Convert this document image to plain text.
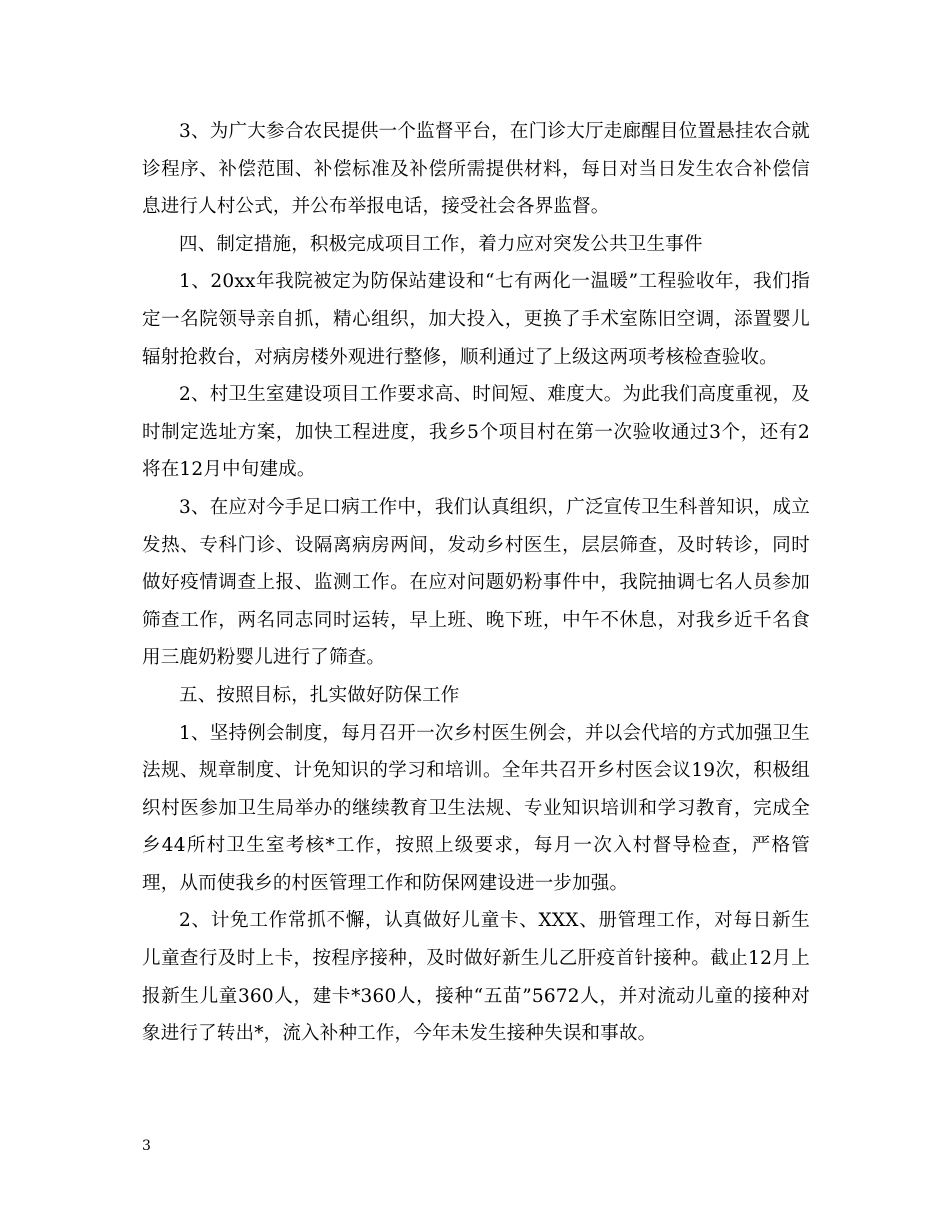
3、为广大参合农民提供一个监督平台，在门诊大厅走廊醒目位置悬挂农合就诊程序、补偿范围、补偿标准及补偿所需提供材料，每日对当日发生农合补偿信息进行人村公式，并公布举报电话，接受社会各界监督。

四、制定措施，积极完成项目工作，着力应对突发公共卫生事件

1、20xx年我院被定为防保站建设和“七有两化一温暖”工程验收年，我们指定一名院领导亲自抓，精心组织，加大投入，更换了手术室陈旧空调，添置婴儿辐射抢救台，对病房楼外观进行整修，顺利通过了上级这两项考核检查验收。

2、村卫生室建设项目工作要求高、时间短、难度大。为此我们高度重视，及时制定选址方案，加快工程进度，我乡5个项目村在第一次验收通过3个，还有2将在12月中旬建成。

3、在应对今手足口病工作中，我们认真组织，广泛宣传卫生科普知识，成立发热、专科门诊、设隔离病房两间，发动乡村医生，层层筛查，及时转诊，同时做好疫情调查上报、监测工作。在应对问题奶粉事件中，我院抽调七名人员参加筛查工作，两名同志同时运转，早上班、晚下班，中午不休息，对我乡近千名食用三鹿奶粉婴儿进行了筛查。

五、按照目标，扎实做好防保工作

1、坚持例会制度，每月召开一次乡村医生例会，并以会代培的方式加强卫生法规、规章制度、计免知识的学习和培训。全年共召开乡村医会议19次，积极组织村医参加卫生局举办的继续教育卫生法规、专业知识培训和学习教育，完成全乡44所村卫生室考核*工作，按照上级要求，每月一次入村督导检查，严格管理，从而使我乡的村医管理工作和防保网建设进一步加强。

2、计免工作常抓不懈，认真做好儿童卡、XXX、册管理工作，对每日新生儿童查行及时上卡，按程序接种，及时做好新生儿乙肝疫首针接种。截止12月上报新生儿童360人，建卡*360人，接种“五苗”5672人，并对流动儿童的接种对象进行了转出*，流入补种工作，今年未发生接种失误和事故。

3
